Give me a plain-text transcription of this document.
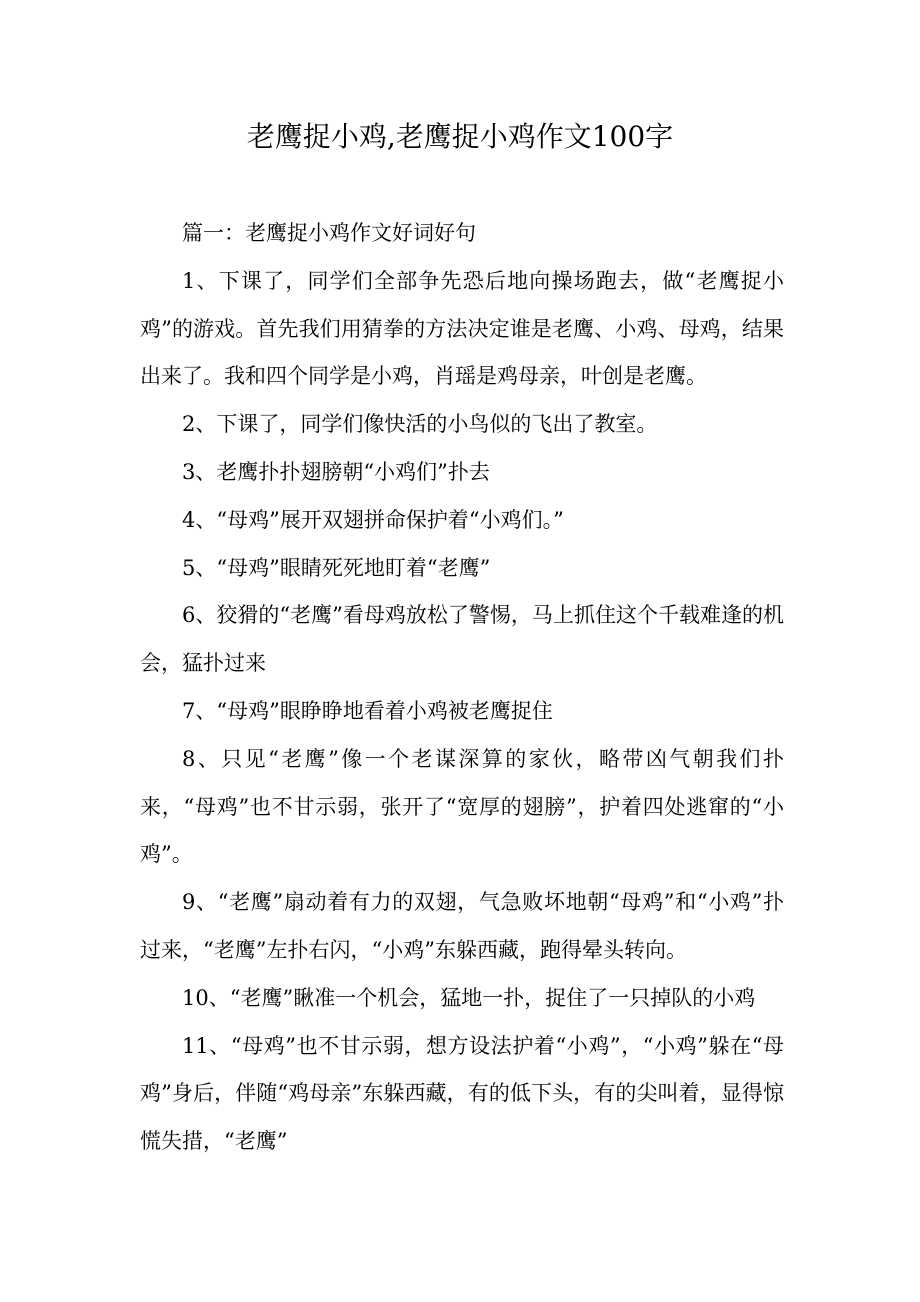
老鹰捉小鸡,老鹰捉小鸡作文100字

篇一：老鹰捉小鸡作文好词好句

1、下课了，同学们全部争先恐后地向操场跑去，做“老鹰捉小鸡”的游戏。首先我们用猜拳的方法决定谁是老鹰、小鸡、母鸡，结果出来了。我和四个同学是小鸡，肖瑶是鸡母亲，叶创是老鹰。

2、下课了，同学们像快活的小鸟似的飞出了教室。

3、老鹰扑扑翅膀朝“小鸡们”扑去

4、“母鸡”展开双翅拼命保护着“小鸡们。”

5、“母鸡”眼睛死死地盯着“老鹰”

6、狡猾的“老鹰”看母鸡放松了警惕，马上抓住这个千载难逢的机会，猛扑过来

7、“母鸡”眼睁睁地看着小鸡被老鹰捉住

8、只见“老鹰”像一个老谋深算的家伙，略带凶气朝我们扑来，“母鸡”也不甘示弱，张开了“宽厚的翅膀”，护着四处逃窜的“小鸡”。

9、“老鹰”扇动着有力的双翅，气急败坏地朝“母鸡”和“小鸡”扑过来，“老鹰”左扑右闪，“小鸡”东躲西藏，跑得晕头转向。

10、“老鹰”瞅准一个机会，猛地一扑，捉住了一只掉队的小鸡

11、“母鸡”也不甘示弱，想方设法护着“小鸡”，“小鸡”躲在“母鸡”身后，伴随“鸡母亲”东躲西藏，有的低下头，有的尖叫着，显得惊慌失措，“老鹰”
